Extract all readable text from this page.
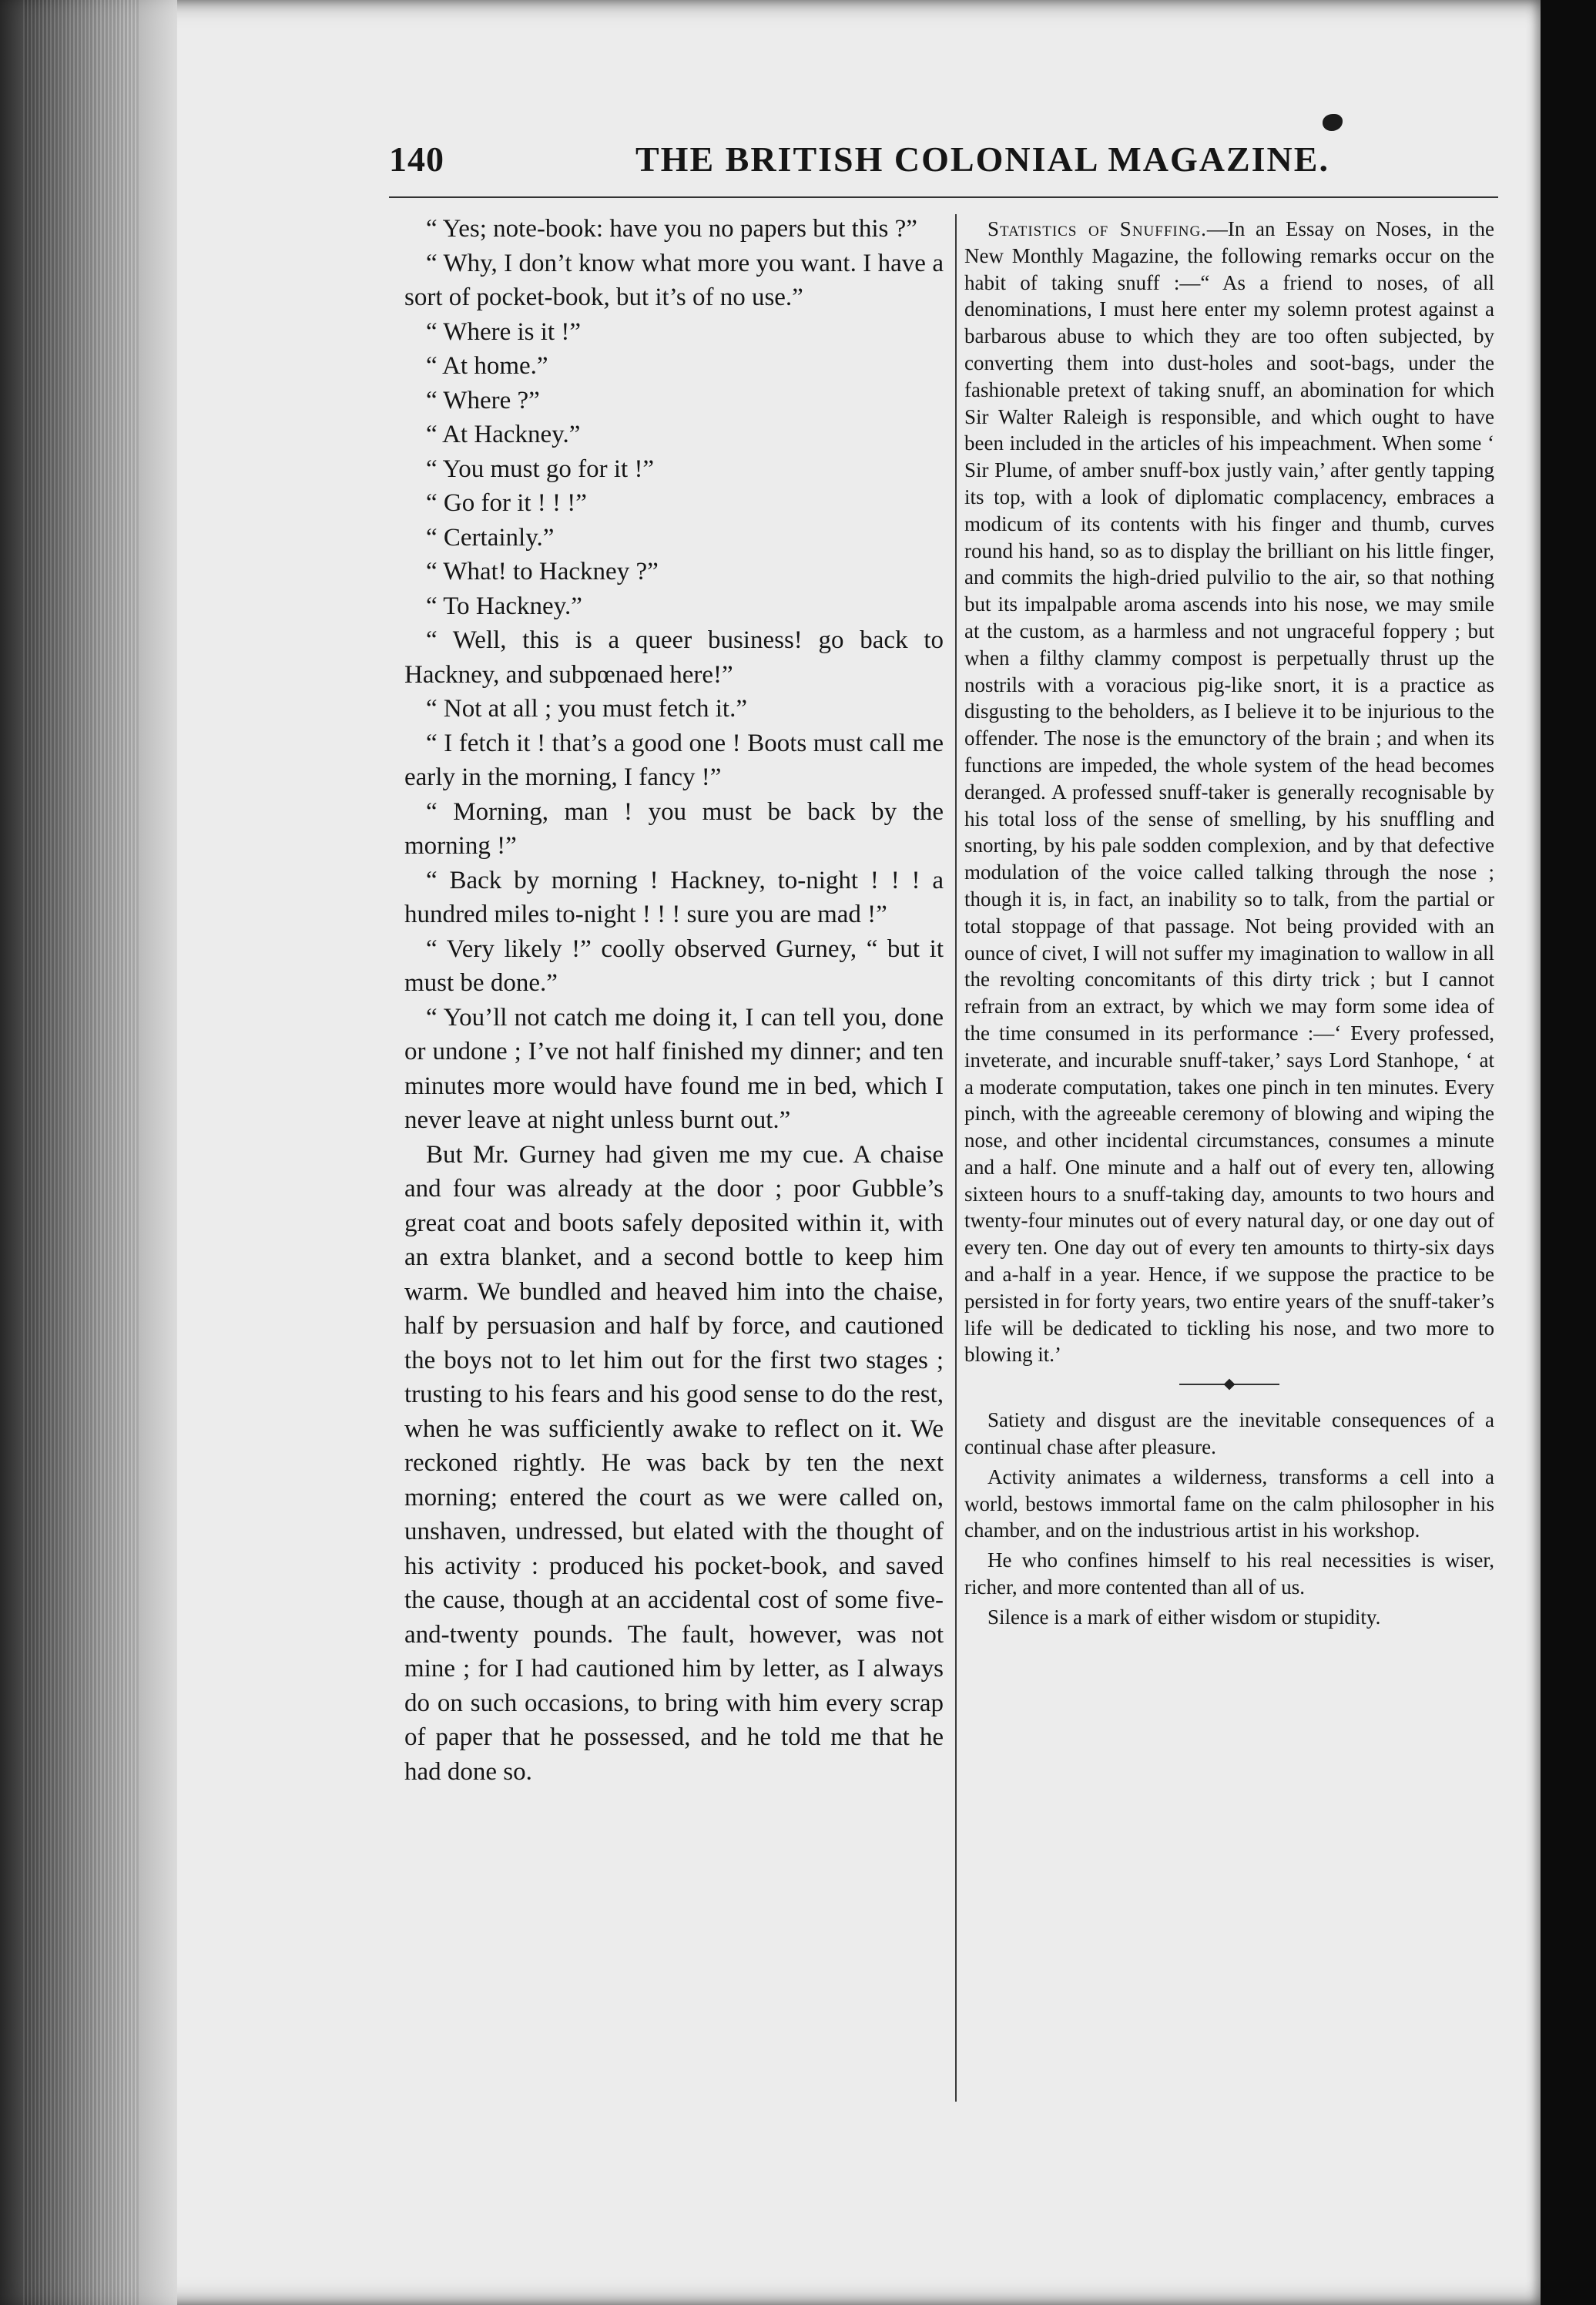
140	THE BRITISH COLONIAL MAGAZINE.

“ Yes; note-book: have you no papers but this ?”

“ Why, I don’t know what more you want. I have a sort of pocket-book, but it’s of no use.”

“ Where is it !”

“ At home.”

“ Where ?”

“ At Hackney.”

“ You must go for it !”

“ Go for it ! ! !”

“ Certainly.”

“ What! to Hackney ?”

“ To Hackney.”

“ Well, this is a queer business! go back to Hackney, and subpœnaed here!”

“ Not at all ; you must fetch it.”

“ I fetch it ! that’s a good one ! Boots must call me early in the morning, I fancy !”

“ Morning, man ! you must be back by the morning !”

“ Back by morning ! Hackney, to-night ! ! ! a hundred miles to-night ! ! ! sure you are mad !”

“ Very likely !” coolly observed Gurney, “ but it must be done.”

“ You’ll not catch me doing it, I can tell you, done or undone ; I’ve not half finished my dinner; and ten minutes more would have found me in bed, which I never leave at night unless burnt out.”

But Mr. Gurney had given me my cue. A chaise and four was already at the door ; poor Gubble’s great coat and boots safely deposited within it, with an extra blanket, and a second bottle to keep him warm. We bundled and heaved him into the chaise, half by persuasion and half by force, and cautioned the boys not to let him out for the first two stages ; trusting to his fears and his good sense to do the rest, when he was sufficiently awake to reflect on it. We reckoned rightly. He was back by ten the next morning; entered the court as we were called on, unshaven, undressed, but elated with the thought of his activity : produced his pocket-book, and saved the cause, though at an accidental cost of some five-and-twenty pounds. The fault, however, was not mine ; for I had cautioned him by letter, as I always do on such occasions, to bring with him every scrap of paper that he possessed, and he told me that he had done so.

Statistics of Snuffing.—In an Essay on Noses, in the New Monthly Magazine, the following remarks occur on the habit of taking snuff :—“ As a friend to noses, of all denominations, I must here enter my solemn protest against a barbarous abuse to which they are too often subjected, by converting them into dust-holes and soot-bags, under the fashionable pretext of taking snuff, an abomination for which Sir Walter Raleigh is responsible, and which ought to have been included in the articles of his impeachment. When some ‘ Sir Plume, of amber snuff-box justly vain,’ after gently tapping its top, with a look of diplomatic complacency, embraces a modicum of its contents with his finger and thumb, curves round his hand, so as to display the brilliant on his little finger, and commits the high-dried pulvilio to the air, so that nothing but its impalpable aroma ascends into his nose, we may smile at the custom, as a harmless and not ungraceful foppery ; but when a filthy clammy compost is perpetually thrust up the nostrils with a voracious pig-like snort, it is a practice as disgusting to the beholders, as I believe it to be injurious to the offender. The nose is the emunctory of the brain ; and when its functions are impeded, the whole system of the head becomes deranged. A professed snuff-taker is generally recognisable by his total loss of the sense of smelling, by his snuffling and snorting, by his pale sodden complexion, and by that defective modulation of the voice called talking through the nose ; though it is, in fact, an inability so to talk, from the partial or total stoppage of that passage. Not being provided with an ounce of civet, I will not suffer my imagination to wallow in all the revolting concomitants of this dirty trick ; but I cannot refrain from an extract, by which we may form some idea of the time consumed in its performance :—‘ Every professed, inveterate, and incurable snuff-taker,’ says Lord Stanhope, ‘ at a moderate computation, takes one pinch in ten minutes. Every pinch, with the agreeable ceremony of blowing and wiping the nose, and other incidental circumstances, consumes a minute and a half. One minute and a half out of every ten, allowing sixteen hours to a snuff-taking day, amounts to two hours and twenty-four minutes out of every natural day, or one day out of every ten. One day out of every ten amounts to thirty-six days and a-half in a year. Hence, if we suppose the practice to be persisted in for forty years, two entire years of the snuff-taker’s life will be dedicated to tickling his nose, and two more to blowing it.’

Satiety and disgust are the inevitable consequences of a continual chase after pleasure.

Activity animates a wilderness, transforms a cell into a world, bestows immortal fame on the calm philosopher in his chamber, and on the industrious artist in his workshop.

He who confines himself to his real necessities is wiser, richer, and more contented than all of us.

Silence is a mark of either wisdom or stupidity.
